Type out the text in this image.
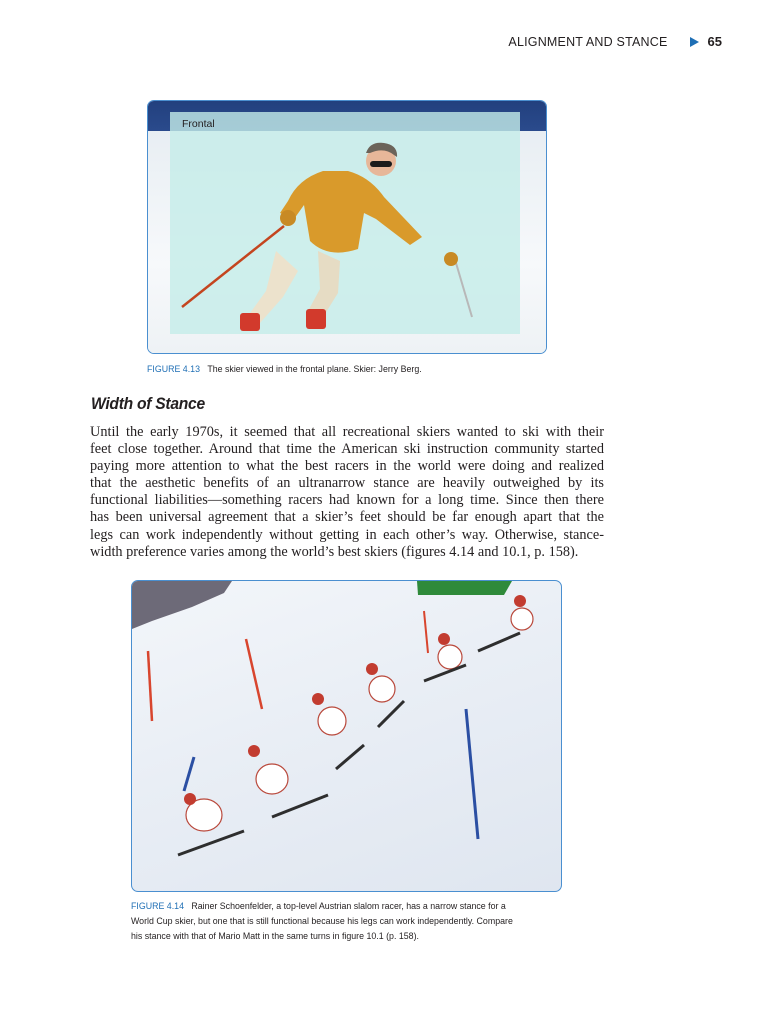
ALIGNMENT AND STANCE	65
Frontal
FIGURE 4.13 The skier viewed in the frontal plane. Skier: Jerry Berg.
Width of Stance

Until the early 1970s, it seemed that all recreational skiers wanted to ski with their
feet close together. Around that time the American ski instruction community started
paying more attention to what the best racers in the world were doing and realized
that the aesthetic benefits of an ultranarrow stance are heavily outweighed by its
functional liabilities—something racers had known for a long time. Since then there
has been universal agreement that a skier’s feet should be far enough apart that the
legs can work independently without getting in each other’s way. Otherwise, stance-
width preference varies among the world’s best skiers (figures 4.14 and 10.1, p. 158).

FIGURE 4.14 Rainer Schoenfelder, a top-level Austrian slalom racer, has a narrow stance for a
World Cup skier, but one that is still functional because his legs can work independently. Compare
his stance with that of Mario Matt in the same turns in figure 10.1 (p. 158).
